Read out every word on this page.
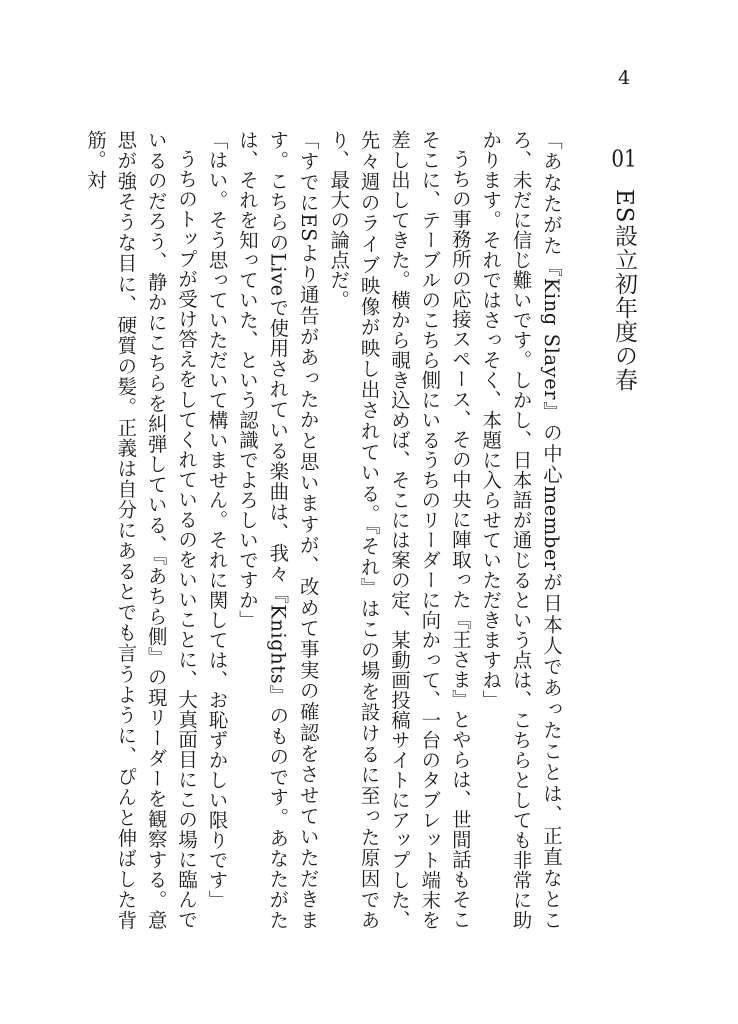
4
01ES設立初年度の春

「あなたがた『King Slayer』の中心memberが日本人であったことは、正直なところ、未だに信じ難いです。しかし、日本語が通じるという点は、こちらとしても非常に助かります。それではさっそく、本題に入らせていただきますね」

うちの事務所の応接スペース、その中央に陣取った『王さま』とやらは、世間話もそこそこに、テーブルのこちら側にいるうちのリーダーに向かって、一台のタブレット端末を差し出してきた。横から覗き込めば、そこには案の定、某動画投稿サイトにアップした、先々週のライブ映像が映し出されている。『それ』はこの場を設けるに至った原因であり、最大の論点だ。

「すでにESより通告があったかと思いますが、改めて事実の確認をさせていただきます。こちらのLiveで使用されている楽曲は、我々『Knights』のものです。あなたがたは、それを知っていた、という認識でよろしいですか」

「はい。そう思っていただいて構いません。それに関しては、お恥ずかしい限りです」

うちのトップが受け答えをしてくれているのをいいことに、大真面目にこの場に臨んでいるのだろう、静かにこちらを糾弾している、『あちら側』の現リーダーを観察する。意思が強そうな目に、硬質の髪。正義は自分にあるとでも言うように、ぴんと伸ばした背筋。対
